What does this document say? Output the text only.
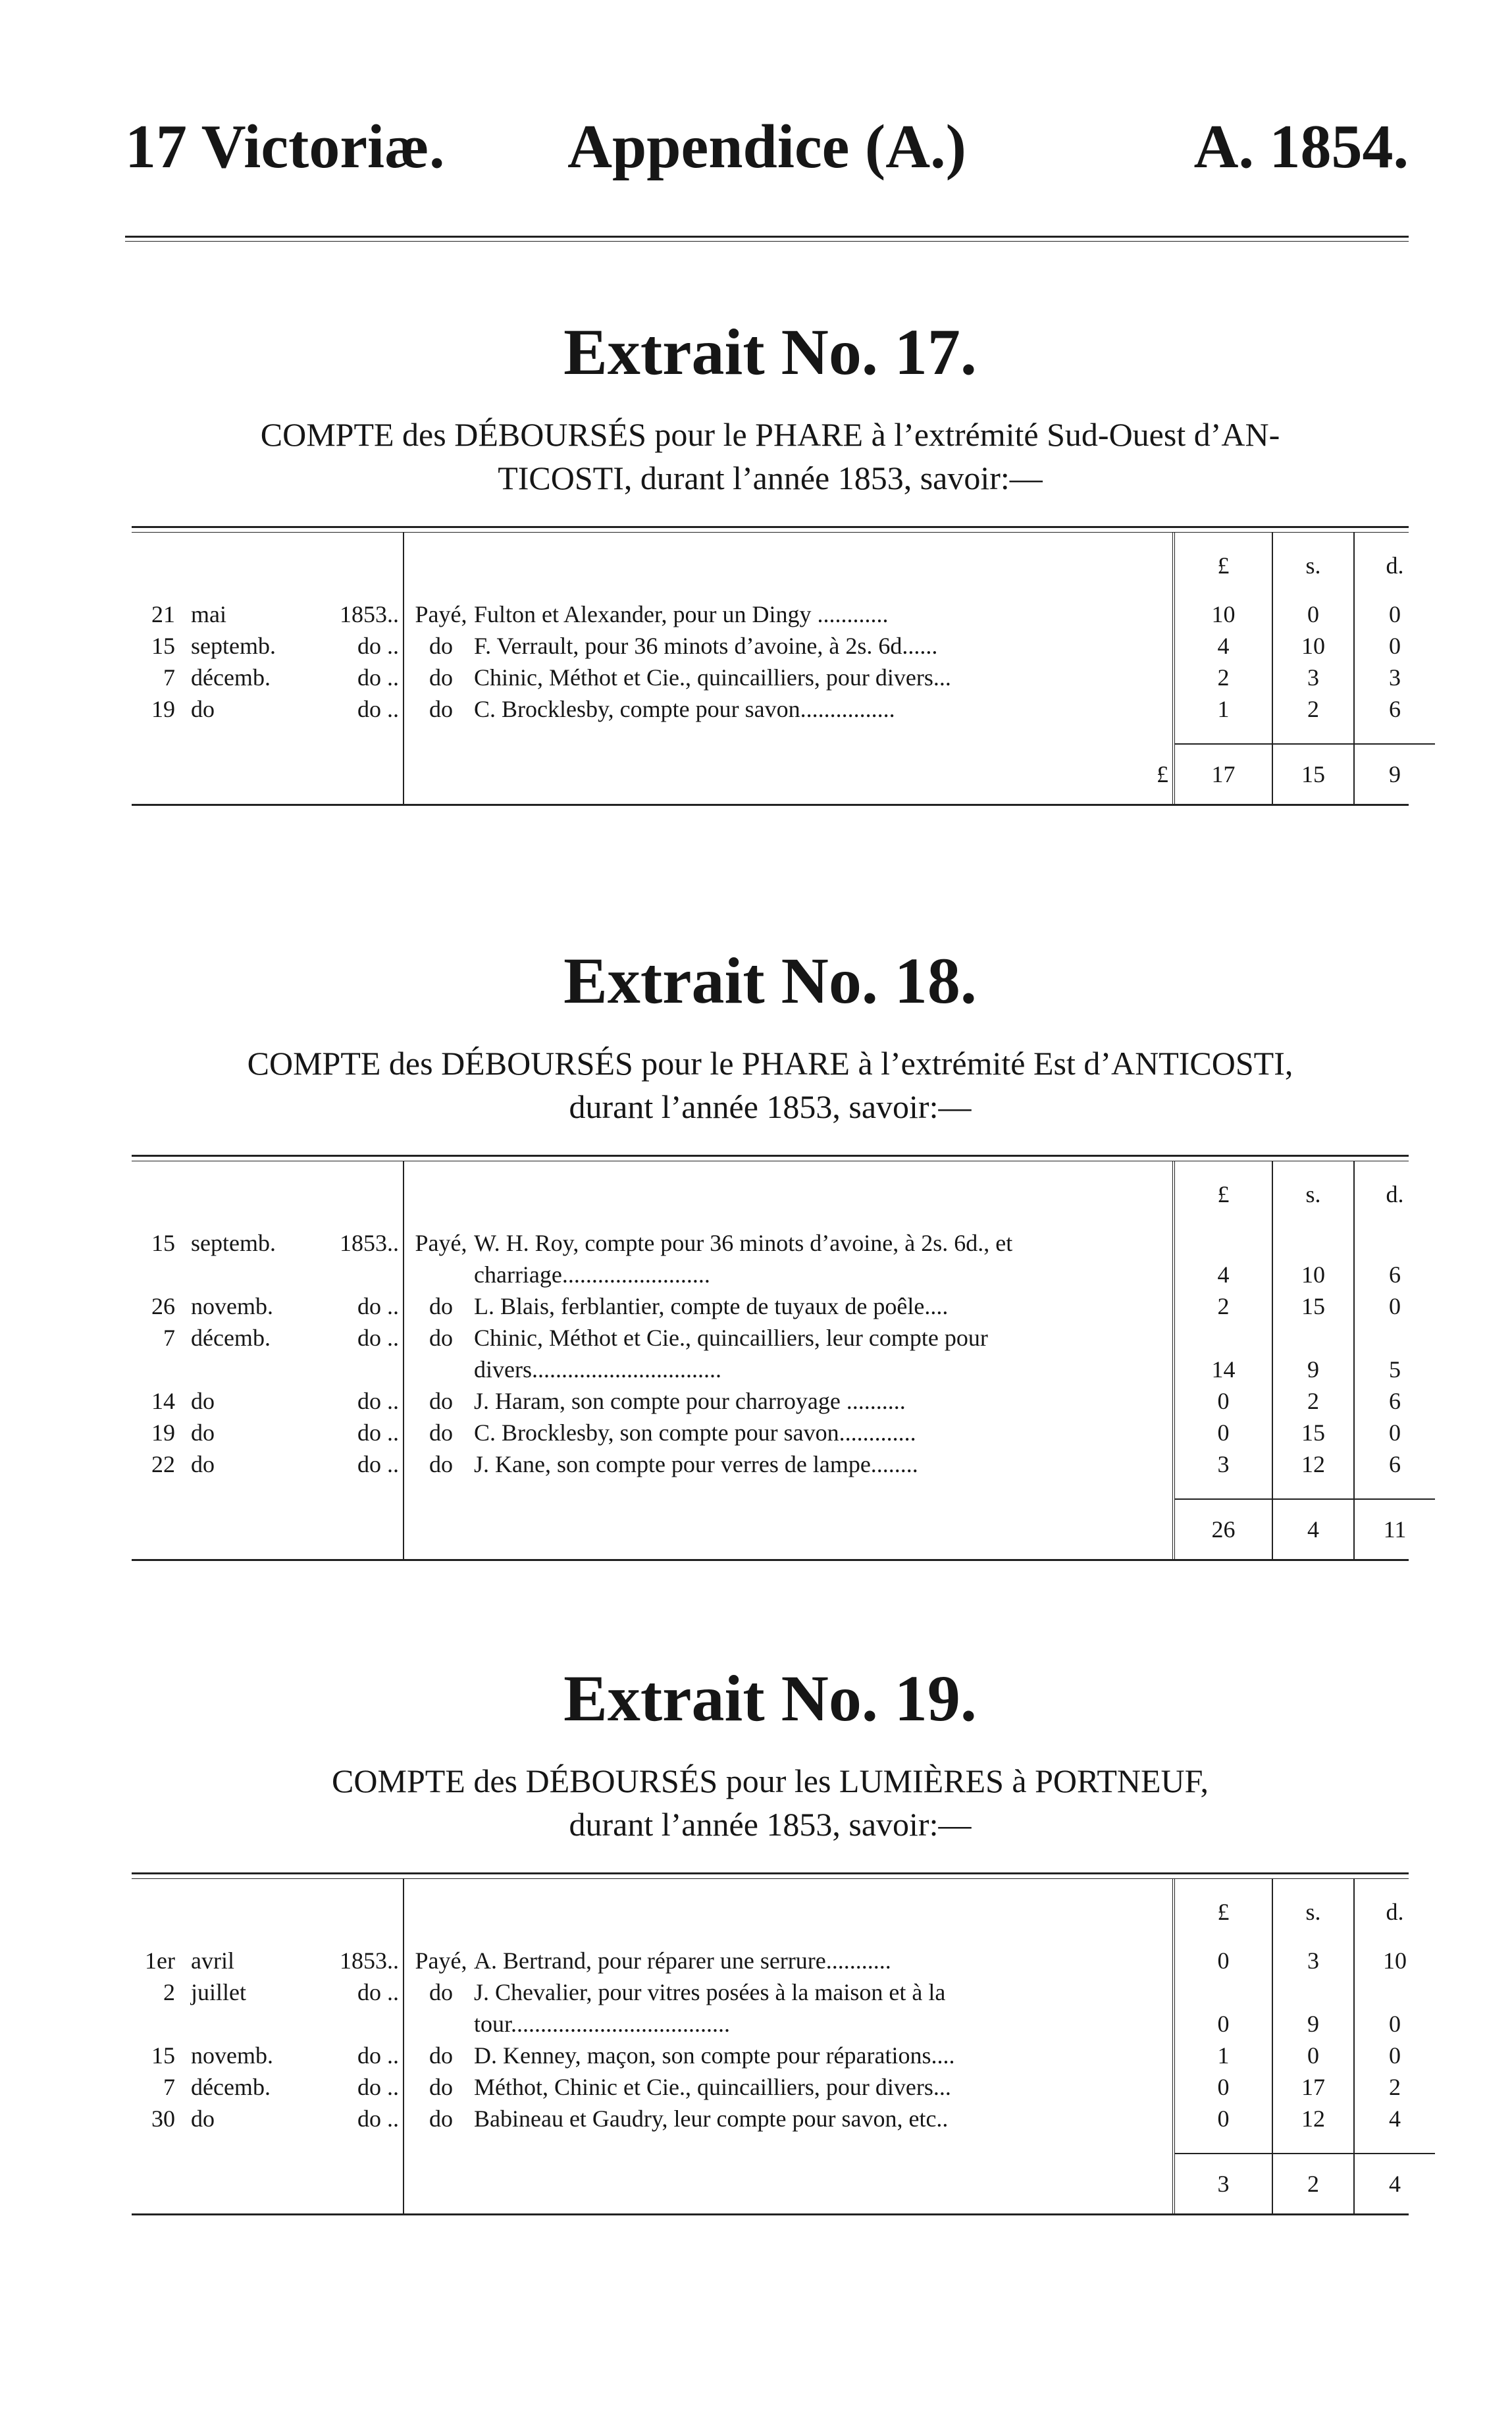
17 Victoriæ.	Appendice (A.)	A. 1854.
Extrait No. 17.

COMPTE des DÉBOURSÉS pour le PHARE à l’extrémité Sud-Ouest d’AN-
TICOSTI, durant l’année 1853, savoir:—

		£	s.	d.

21 mai 1853..	Payé, Fulton et Alexander, pour un Dingy ............	10	0	0

15 septemb. do ..	do F. Verrault, pour 36 minots d’avoine, à 2s. 6d......	4	10	0

7 décemb. do ..	do Chinic, Méthot et Cie., quincailliers, pour divers...	2	3	3

19 do do ..	do C. Brocklesby, compte pour savon................	1	2	6

	£	17	15	9
Extrait No. 18.

COMPTE des DÉBOURSÉS pour le PHARE à l’extrémité Est d’ANTICOSTI,
durant l’année 1853, savoir:—

		£	s.	d.

15 septemb. 1853..	Payé, W. H. Roy, compte pour 36 minots d’avoine, à 2s. 6d., et charriage.........................	4	10	6

26 novemb. do ..	do L. Blais, ferblantier, compte de tuyaux de poêle....	2	15	0

7 décemb. do ..	do Chinic, Méthot et Cie., quincailliers, leur compte pour divers................................	14	9	5

14 do do ..	do J. Haram, son compte pour charroyage ..........	0	2	6

19 do do ..	do C. Brocklesby, son compte pour savon.............	0	15	0

22 do do ..	do J. Kane, son compte pour verres de lampe........	3	12	6

		26	4	11
Extrait No. 19.

COMPTE des DÉBOURSÉS pour les LUMIÈRES à PORTNEUF,
durant l’année 1853, savoir:—

		£	s.	d.

1er avril 1853..	Payé, A. Bertrand, pour réparer une serrure...........	0	3	10

2 juillet do ..	do J. Chevalier, pour vitres posées à la maison et à la tour.....................................	0	9	0

15 novemb. do ..	do D. Kenney, maçon, son compte pour réparations....	1	0	0

7 décemb. do ..	do Méthot, Chinic et Cie., quincailliers, pour divers...	0	17	2

30 do do ..	do Babineau et Gaudry, leur compte pour savon, etc..	0	12	4

		3	2	4
